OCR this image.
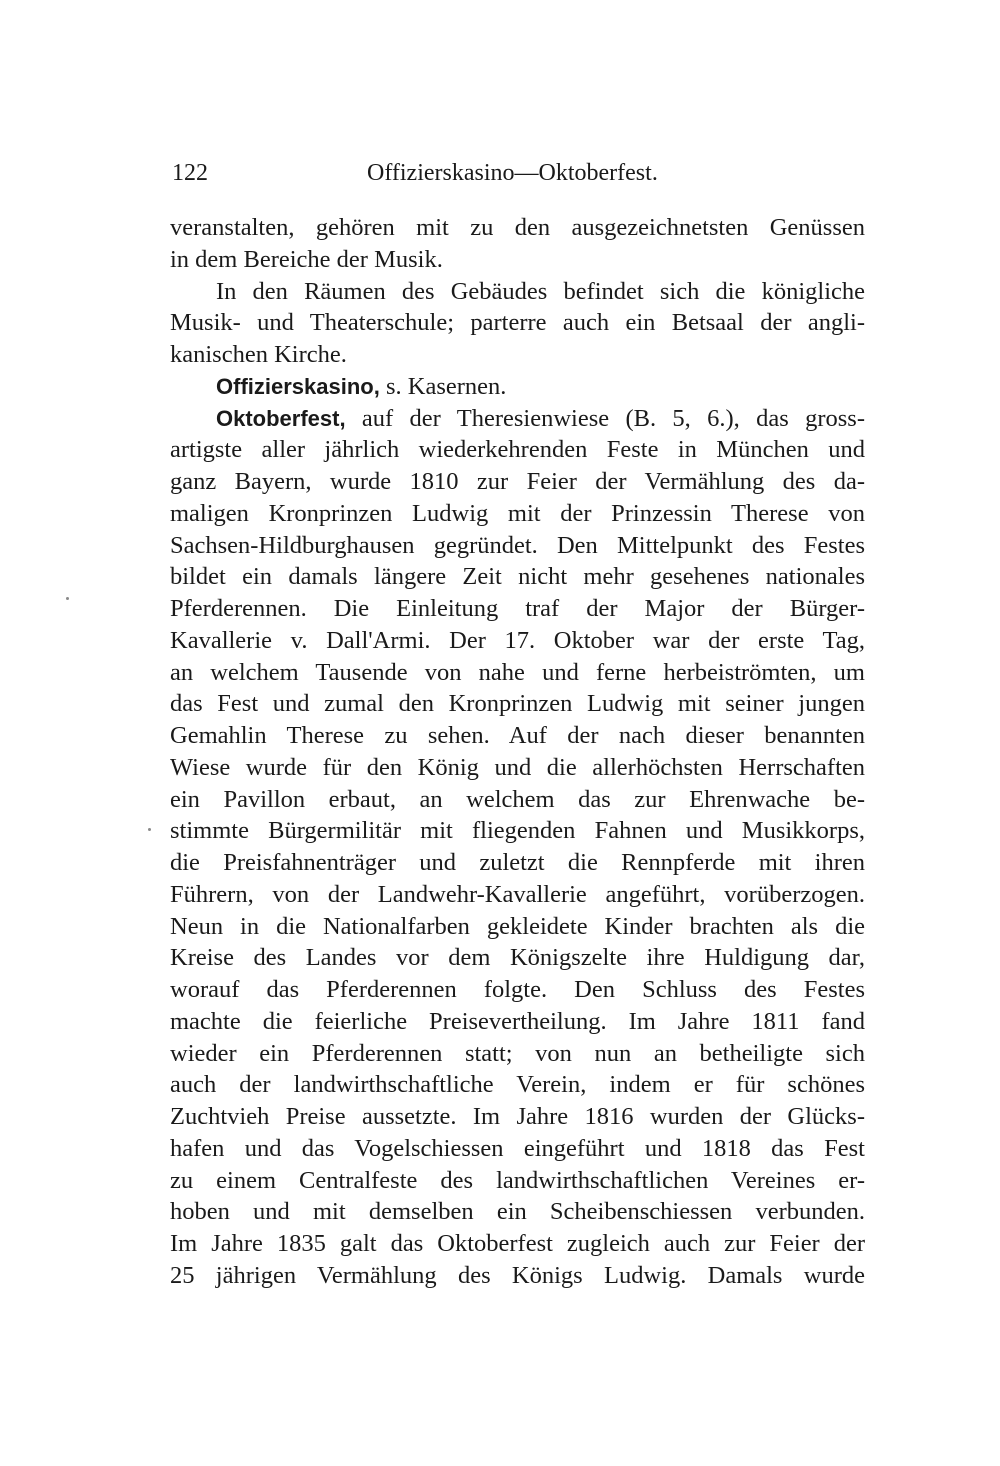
122	Offizierskasino—Oktoberfest.
veranstalten, gehören mit zu den ausgezeichnetsten Genüssen
in dem Bereiche der Musik.
In den Räumen des Gebäudes befindet sich die königliche
Musik- und Theaterschule; parterre auch ein Betsaal der angli-
kanischen Kirche.
Offizierskasino, s. Kasernen.
Oktoberfest, auf der Theresienwiese (B. 5, 6.), das gross-
artigste aller jährlich wiederkehrenden Feste in München und
ganz Bayern, wurde 1810 zur Feier der Vermählung des da-
maligen Kronprinzen Ludwig mit der Prinzessin Therese von
Sachsen-Hildburghausen gegründet. Den Mittelpunkt des Festes
bildet ein damals längere Zeit nicht mehr gesehenes nationales
Pferderennen. Die Einleitung traf der Major der Bürger-
Kavallerie v. Dall'Armi. Der 17. Oktober war der erste Tag,
an welchem Tausende von nahe und ferne herbeiströmten, um
das Fest und zumal den Kronprinzen Ludwig mit seiner jungen
Gemahlin Therese zu sehen. Auf der nach dieser benannten
Wiese wurde für den König und die allerhöchsten Herrschaften
ein Pavillon erbaut, an welchem das zur Ehrenwache be-
stimmte Bürgermilitär mit fliegenden Fahnen und Musikkorps,
die Preisfahnenträger und zuletzt die Rennpferde mit ihren
Führern, von der Landwehr-Kavallerie angeführt, vorüberzogen.
Neun in die Nationalfarben gekleidete Kinder brachten als die
Kreise des Landes vor dem Königszelte ihre Huldigung dar,
worauf das Pferderennen folgte. Den Schluss des Festes
machte die feierliche Preisevertheilung. Im Jahre 1811 fand
wieder ein Pferderennen statt; von nun an betheiligte sich
auch der landwirthschaftliche Verein, indem er für schönes
Zuchtvieh Preise aussetzte. Im Jahre 1816 wurden der Glücks-
hafen und das Vogelschiessen eingeführt und 1818 das Fest
zu einem Centralfeste des landwirthschaftlichen Vereines er-
hoben und mit demselben ein Scheibenschiessen verbunden.
Im Jahre 1835 galt das Oktoberfest zugleich auch zur Feier der
25 jährigen Vermählung des Königs Ludwig. Damals wurde
